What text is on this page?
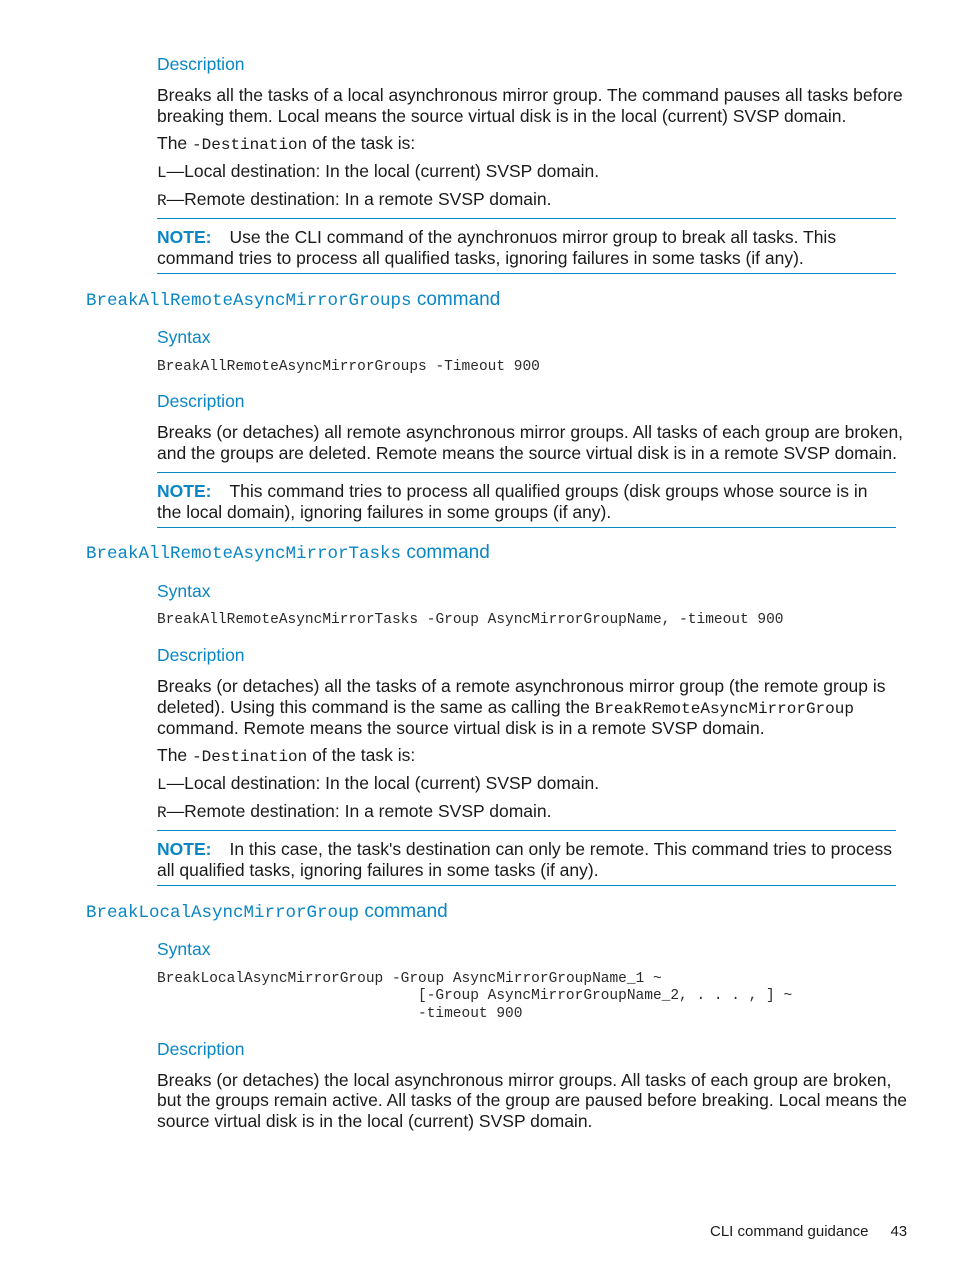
Description
Breaks all the tasks of a local asynchronous mirror group. The command pauses all tasks before
breaking them. Local means the source virtual disk is in the local (current) SVSP domain.
The -Destination of the task is:
L—Local destination: In the local (current) SVSP domain.
R—Remote destination: In a remote SVSP domain.
NOTE: Use the CLI command of the aynchronuos mirror group to break all tasks. This command tries to process all qualified tasks, ignoring failures in some tasks (if any).
BreakAllRemoteAsyncMirrorGroups command
Syntax
BreakAllRemoteAsyncMirrorGroups -Timeout 900
Description
Breaks (or detaches) all remote asynchronous mirror groups. All tasks of each group are broken,
and the groups are deleted. Remote means the source virtual disk is in a remote SVSP domain.
NOTE: This command tries to process all qualified groups (disk groups whose source is in the local domain), ignoring failures in some groups (if any).
BreakAllRemoteAsyncMirrorTasks command
Syntax
BreakAllRemoteAsyncMirrorTasks -Group AsyncMirrorGroupName, -timeout 900
Description
Breaks (or detaches) all the tasks of a remote asynchronous mirror group (the remote group is
deleted). Using this command is the same as calling the BreakRemoteAsyncMirrorGroup
command. Remote means the source virtual disk is in a remote SVSP domain.
The -Destination of the task is:
L—Local destination: In the local (current) SVSP domain.
R—Remote destination: In a remote SVSP domain.
NOTE: In this case, the task's destination can only be remote. This command tries to process all qualified tasks, ignoring failures in some tasks (if any).
BreakLocalAsyncMirrorGroup command
Syntax
BreakLocalAsyncMirrorGroup -Group AsyncMirrorGroupName_1 ~
[-Group AsyncMirrorGroupName_2, . . . , ] ~
-timeout 900
Description
Breaks (or detaches) the local asynchronous mirror groups. All tasks of each group are broken,
but the groups remain active. All tasks of the group are paused before breaking. Local means the
source virtual disk is in the local (current) SVSP domain.
CLI command guidance 43
